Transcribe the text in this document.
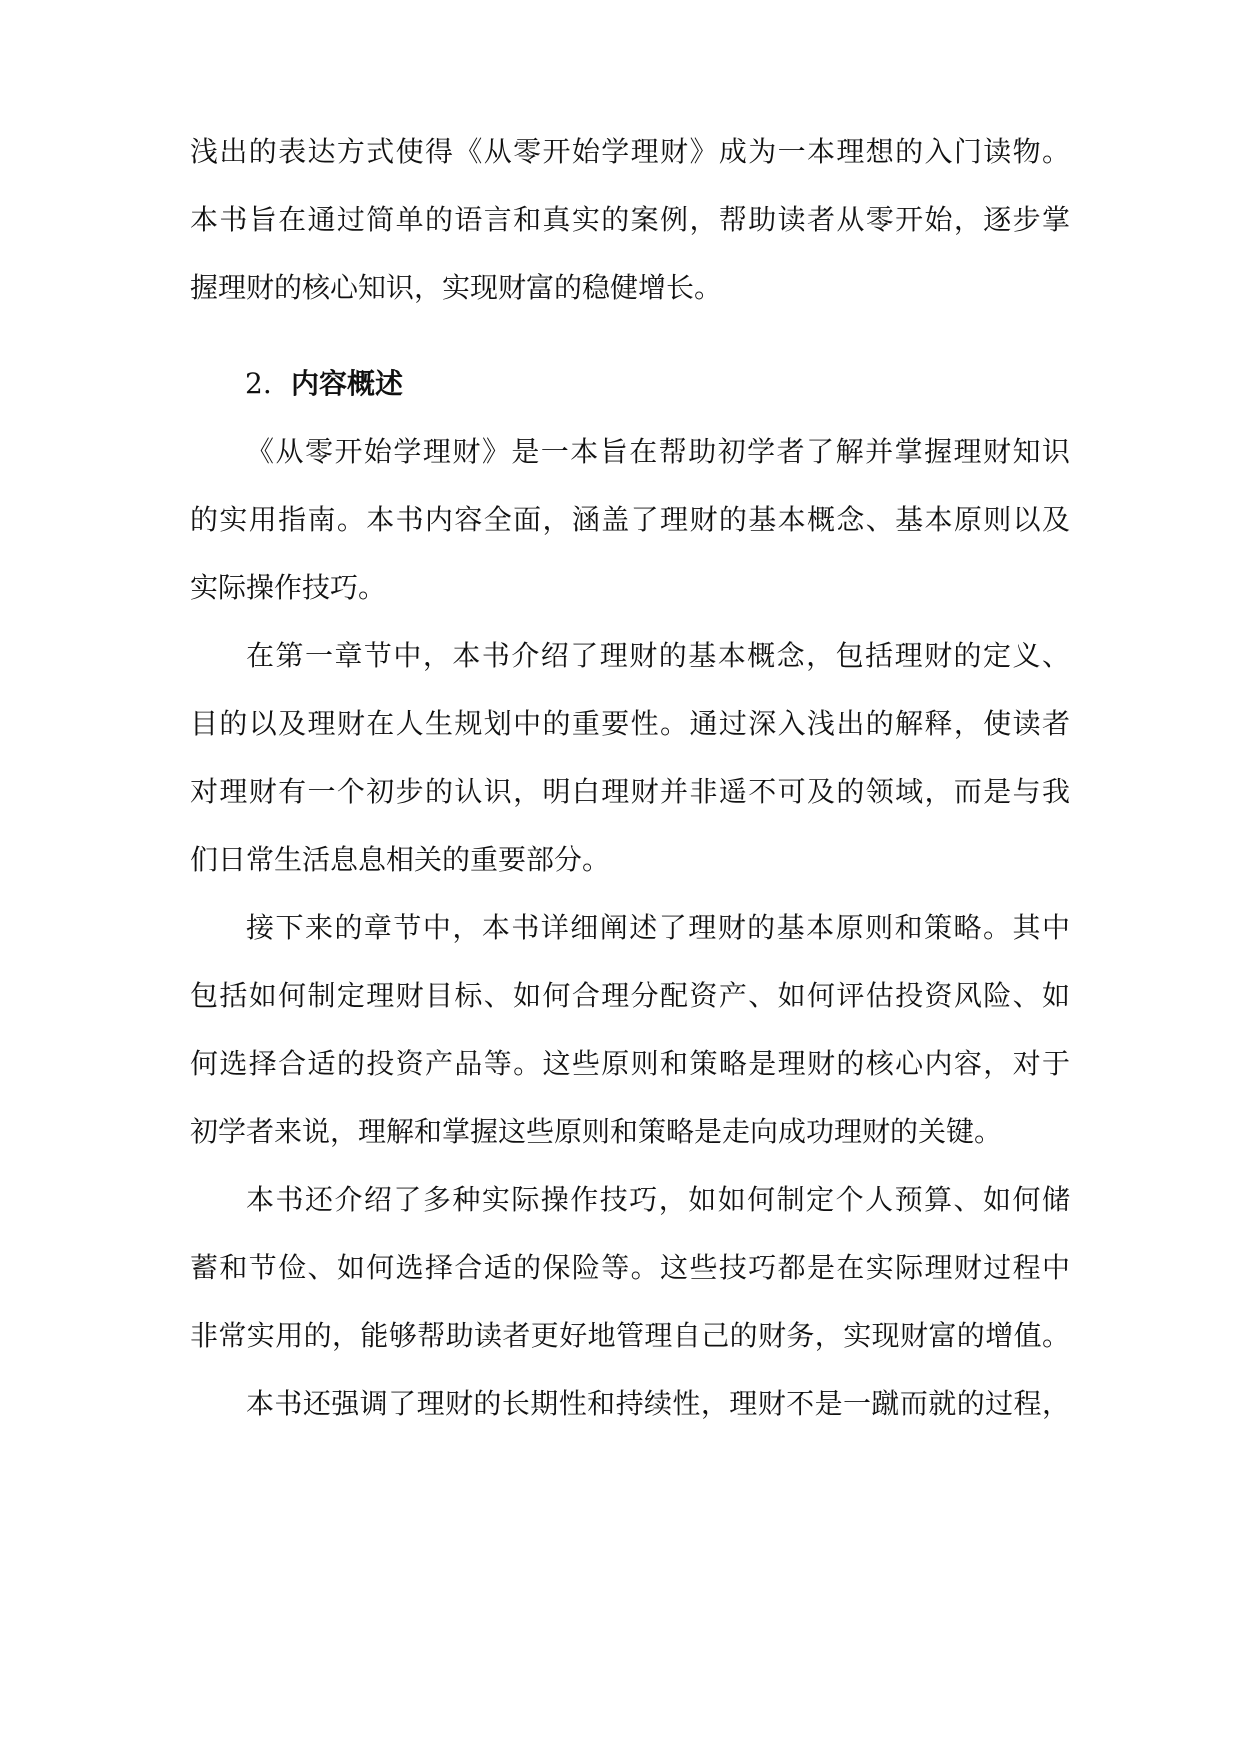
浅出的表达方式使得《从零开始学理财》成为一本理想的入门读物。
本书旨在通过简单的语言和真实的案例，帮助读者从零开始，逐步掌
握理财的核心知识，实现财富的稳健增长。
2. 内容概述
《从零开始学理财》是一本旨在帮助初学者了解并掌握理财知识
的实用指南。本书内容全面，涵盖了理财的基本概念、基本原则以及
实际操作技巧。
在第一章节中，本书介绍了理财的基本概念，包括理财的定义、
目的以及理财在人生规划中的重要性。通过深入浅出的解释，使读者
对理财有一个初步的认识，明白理财并非遥不可及的领域，而是与我
们日常生活息息相关的重要部分。
接下来的章节中，本书详细阐述了理财的基本原则和策略。其中
包括如何制定理财目标、如何合理分配资产、如何评估投资风险、如
何选择合适的投资产品等。这些原则和策略是理财的核心内容，对于
初学者来说，理解和掌握这些原则和策略是走向成功理财的关键。
本书还介绍了多种实际操作技巧，如如何制定个人预算、如何储
蓄和节俭、如何选择合适的保险等。这些技巧都是在实际理财过程中
非常实用的，能够帮助读者更好地管理自己的财务，实现财富的增值。
本书还强调了理财的长期性和持续性，理财不是一蹴而就的过程，
